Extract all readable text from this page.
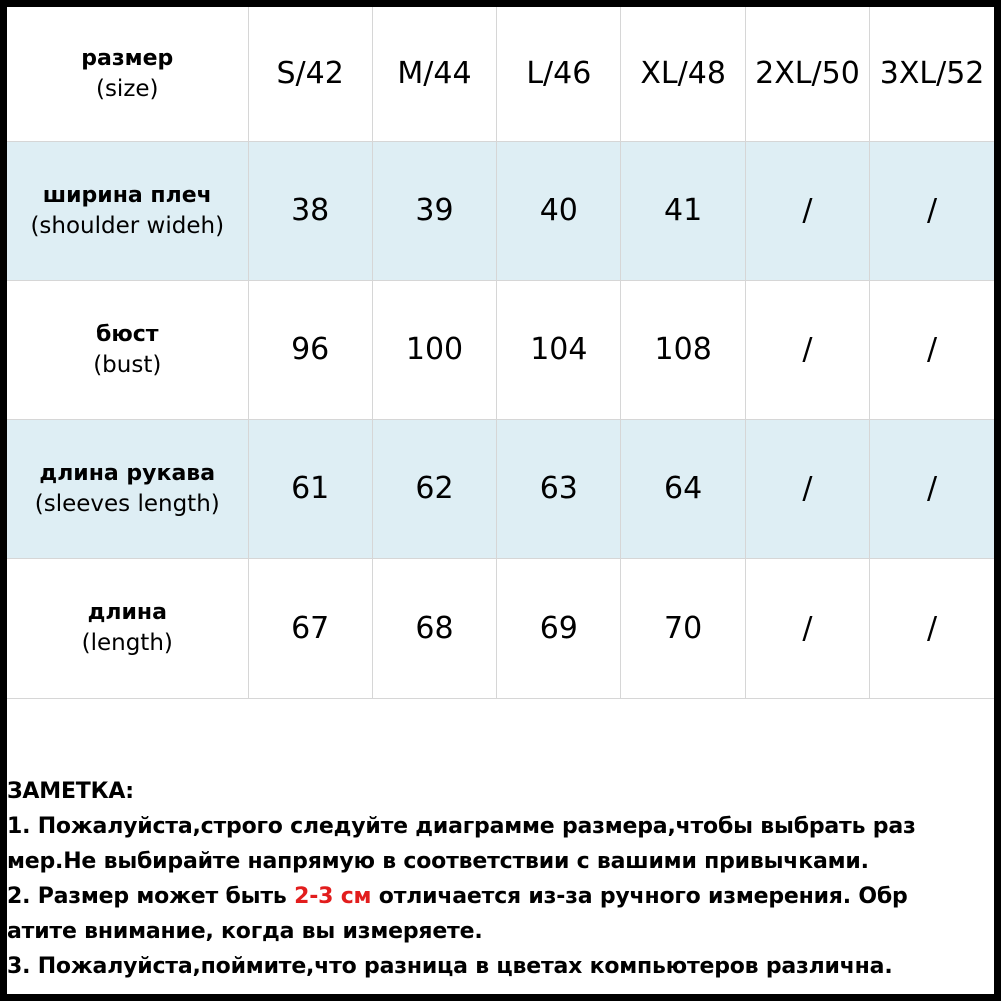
размер
(size)	S/42	M/44	L/46	XL/48	2XL/50	3XL/52

ширина плеч
(shoulder wideh)	38	39	40	41	/	/

бюст
(bust)	96	100	104	108	/	/

длина рукава
(sleeves length)	61	62	63	64	/	/

длина
(length)	67	68	69	70	/	/
ЗАМЕТКА:
1. Пожалуйста,строго следуйте диаграмме размера,чтобы выбрать раз
мер.Не выбирайте напрямую в соответствии с вашими привычками.
2. Размер может быть 2-3 см отличается из-за ручного измерения. Обр
атите внимание, когда вы измеряете.
3. Пожалуйста,поймите,что разница в цветах компьютеров различна.
